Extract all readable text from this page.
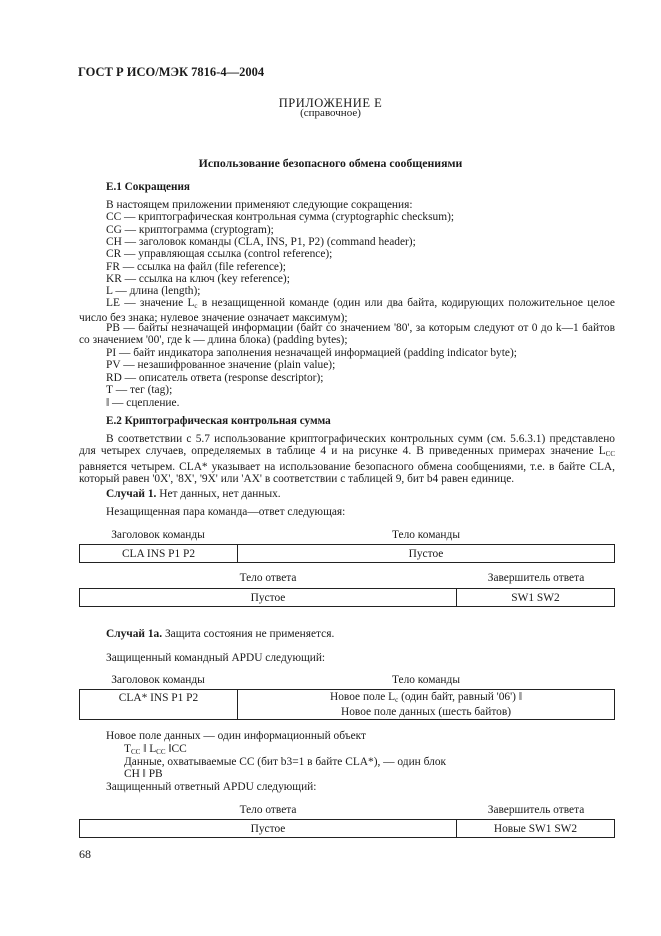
ГОСТ Р ИСО/МЭК 7816-4—2004
ПРИЛОЖЕНИЕ Е
(справочное)
Использование безопасного обмена сообщениями
Е.1 Сокращения
В настоящем приложении применяют следующие сокращения:
СС — криптографическая контрольная сумма (cryptographic checksum);
CG — криптограмма (cryptogram);
СН — заголовок команды (CLA, INS, P1, P2) (command header);
CR — управляющая ссылка (control reference);
FR — ссылка на файл (file reference);
KR — ссылка на ключ (key reference);
L — длина (length);
LE — значение $L_c$ в незащищенной команде (один или два байта, кодирующих положительное целое число без знака; нулевое значение означает максимум);
РВ — байты незначащей информации (байт со значением '80', за которым следуют от 0 до k—1 байтов со значением '00', где k — длина блока) (padding bytes);
PI — байт индикатора заполнения незначащей информацией (padding indicator byte);
PV — незашифрованное значение (plain value);
RD — описатель ответа (response descriptor);
Т — тег (tag);
‖ — сцепление.
Е.2 Криптографическая контрольная сумма
В соответствии с 5.7 использование криптографических контрольных сумм (см. 5.6.3.1) представлено для четырех случаев, определяемых в таблице 4 и на рисунке 4. В приведенных примерах значение $L_{CC}$ равняется четырем. CLA* указывает на использование безопасного обмена сообщениями, т.е. в байте CLA, который равен '0X', '8X', '9X' или 'AX' в соответствии с таблицей 9, бит b4 равен единице.
Случай 1. Нет данных, нет данных.
Незащищенная пара команда—ответ следующая:
Заголовок команды	Тело команды
CLA INS P1 P2	Пустое
Тело ответа	Завершитель ответа
Пустое	SW1 SW2
Случай 1а. Защита состояния не применяется.
Защищенный командный APDU следующий:
Заголовок команды	Тело команды
CLA* INS P1 P2	Новое поле $L_c$ (один байт, равный '06') ‖
Новое поле данных (шесть байтов)
Новое поле данных — один информационный объект
$T_{CC}$ ‖ $L_{CC}$ ‖CC
Данные, охватываемые СС (бит b3=1 в байте CLA*), — один блок
CH ‖ PB
Защищенный ответный APDU следующий:
Тело ответа	Завершитель ответа
Пустое	Новые SW1 SW2
68
